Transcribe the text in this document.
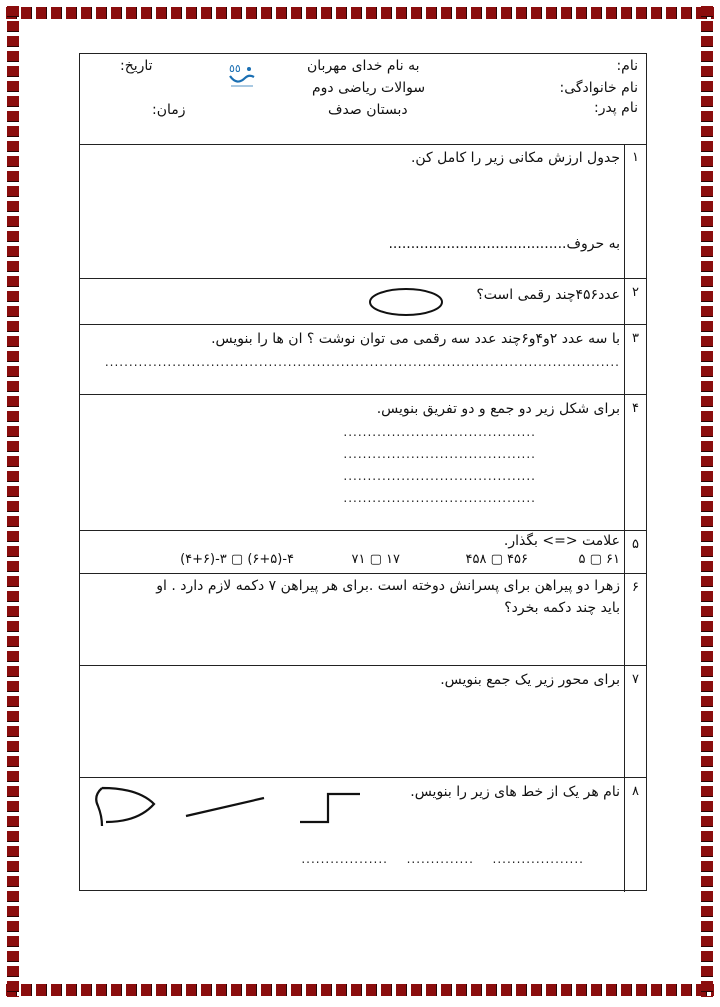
نام:
نام خانوادگی:
نام پدر:
به نام خدای مهربان
سوالات ریاضی دوم
دبستان صدف
تاریخ:
زمان:
٥٥
۱
جدول ارزش مکانی زیر را کامل کن.
به حروف........................................
۲
عدد۴۵۶چند رقمی است؟
۳
با سه عدد ۲و۴و۶چند عدد سه رقمی می توان نوشت ؟ ان ها را بنویس.
...........................................................................................................
۴
برای شکل زیر دو جمع و دو تفریق بنویس.
........................................
........................................
........................................
........................................
۵
علامت <=> بگذار.
۶۱ ▢ ۵
۴۵۶ ▢ ۴۵۸
۱۷ ▢ ۷۱
۴-(۶+۵) ▢ ۳-(۴+۶)
۶
زهرا دو پیراهن برای پسرانش دوخته است .برای هر پیراهن ۷ دکمه لازم دارد . او
باید چند دکمه بخرد؟
۷
برای محور زیر یک جمع بنویس.
۸
نام هر یک از خط های زیر را بنویس.
...................
..............
..................
